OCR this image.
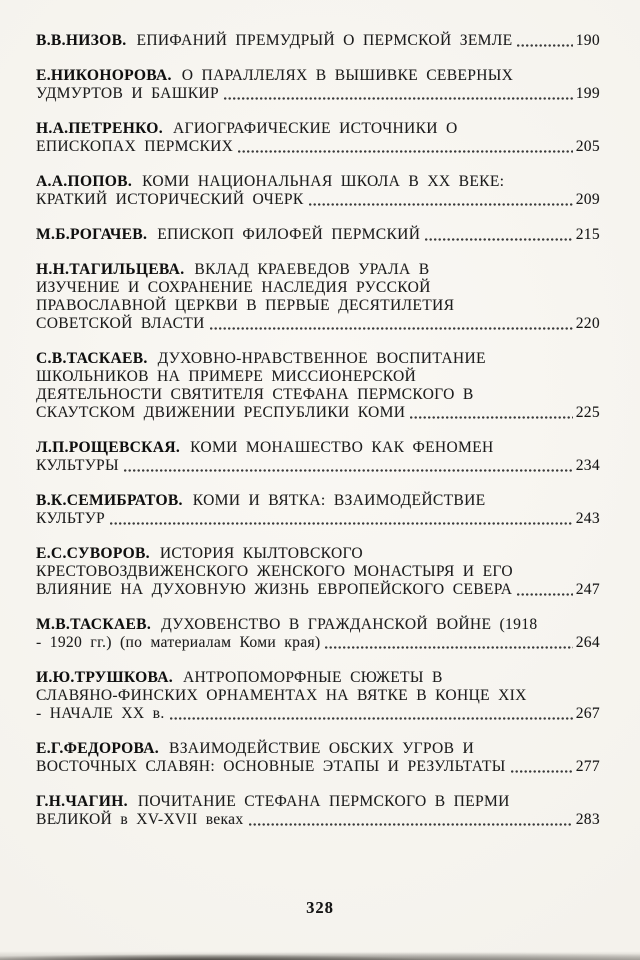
В.В.НИЗОВ. ЕПИФАНИЙ ПРЕМУДРЫЙ О ПЕРМСКОЙ ЗЕМЛЕ	190
Е.НИКОНОРОВА. О ПАРАЛЛЕЛЯХ В ВЫШИВКЕ СЕВЕРНЫХ
УДМУРТОВ И БАШКИР	199
Н.А.ПЕТРЕНКО. АГИОГРАФИЧЕСКИЕ ИСТОЧНИКИ О
ЕПИСКОПАХ ПЕРМСКИХ	205
А.А.ПОПОВ. КОМИ НАЦИОНАЛЬНАЯ ШКОЛА В XX ВЕКЕ:
КРАТКИЙ ИСТОРИЧЕСКИЙ ОЧЕРК	209
М.Б.РОГАЧЕВ. ЕПИСКОП ФИЛОФЕЙ ПЕРМСКИЙ	215
Н.Н.ТАГИЛЬЦЕВА. ВКЛАД КРАЕВЕДОВ УРАЛА В
ИЗУЧЕНИЕ И СОХРАНЕНИЕ НАСЛЕДИЯ РУССКОЙ
ПРАВОСЛАВНОЙ ЦЕРКВИ В ПЕРВЫЕ ДЕСЯТИЛЕТИЯ
СОВЕТСКОЙ ВЛАСТИ	220
С.В.ТАСКАЕВ. ДУХОВНО-НРАВСТВЕННОЕ ВОСПИТАНИЕ
ШКОЛЬНИКОВ НА ПРИМЕРЕ МИССИОНЕРСКОЙ
ДЕЯТЕЛЬНОСТИ СВЯТИТЕЛЯ СТЕФАНА ПЕРМСКОГО В
СКАУТСКОМ ДВИЖЕНИИ РЕСПУБЛИКИ КОМИ	225
Л.П.РОЩЕВСКАЯ. КОМИ МОНАШЕСТВО КАК ФЕНОМЕН
КУЛЬТУРЫ	234
В.К.СЕМИБРАТОВ. КОМИ И ВЯТКА: ВЗАИМОДЕЙСТВИЕ
КУЛЬТУР	243
Е.С.СУВОРОВ. ИСТОРИЯ КЫЛТОВСКОГО
КРЕСТОВОЗДВИЖЕНСКОГО ЖЕНСКОГО МОНАСТЫРЯ И ЕГО
ВЛИЯНИЕ НА ДУХОВНУЮ ЖИЗНЬ ЕВРОПЕЙСКОГО СЕВЕРА	247
М.В.ТАСКАЕВ. ДУХОВЕНСТВО В ГРАЖДАНСКОЙ ВОЙНЕ (1918
- 1920 гг.) (по материалам Коми края)	264
И.Ю.ТРУШКОВА. АНТРОПОМОРФНЫЕ СЮЖЕТЫ В
СЛАВЯНО-ФИНСКИХ ОРНАМЕНТАХ НА ВЯТКЕ В КОНЦЕ XIX
- НАЧАЛЕ XX в.	267
Е.Г.ФЕДОРОВА. ВЗАИМОДЕЙСТВИЕ ОБСКИХ УГРОВ И
ВОСТОЧНЫХ СЛАВЯН: ОСНОВНЫЕ ЭТАПЫ И РЕЗУЛЬТАТЫ	277
Г.Н.ЧАГИН. ПОЧИТАНИЕ СТЕФАНА ПЕРМСКОГО В ПЕРМИ
ВЕЛИКОЙ в XV-XVII веках	283
328
